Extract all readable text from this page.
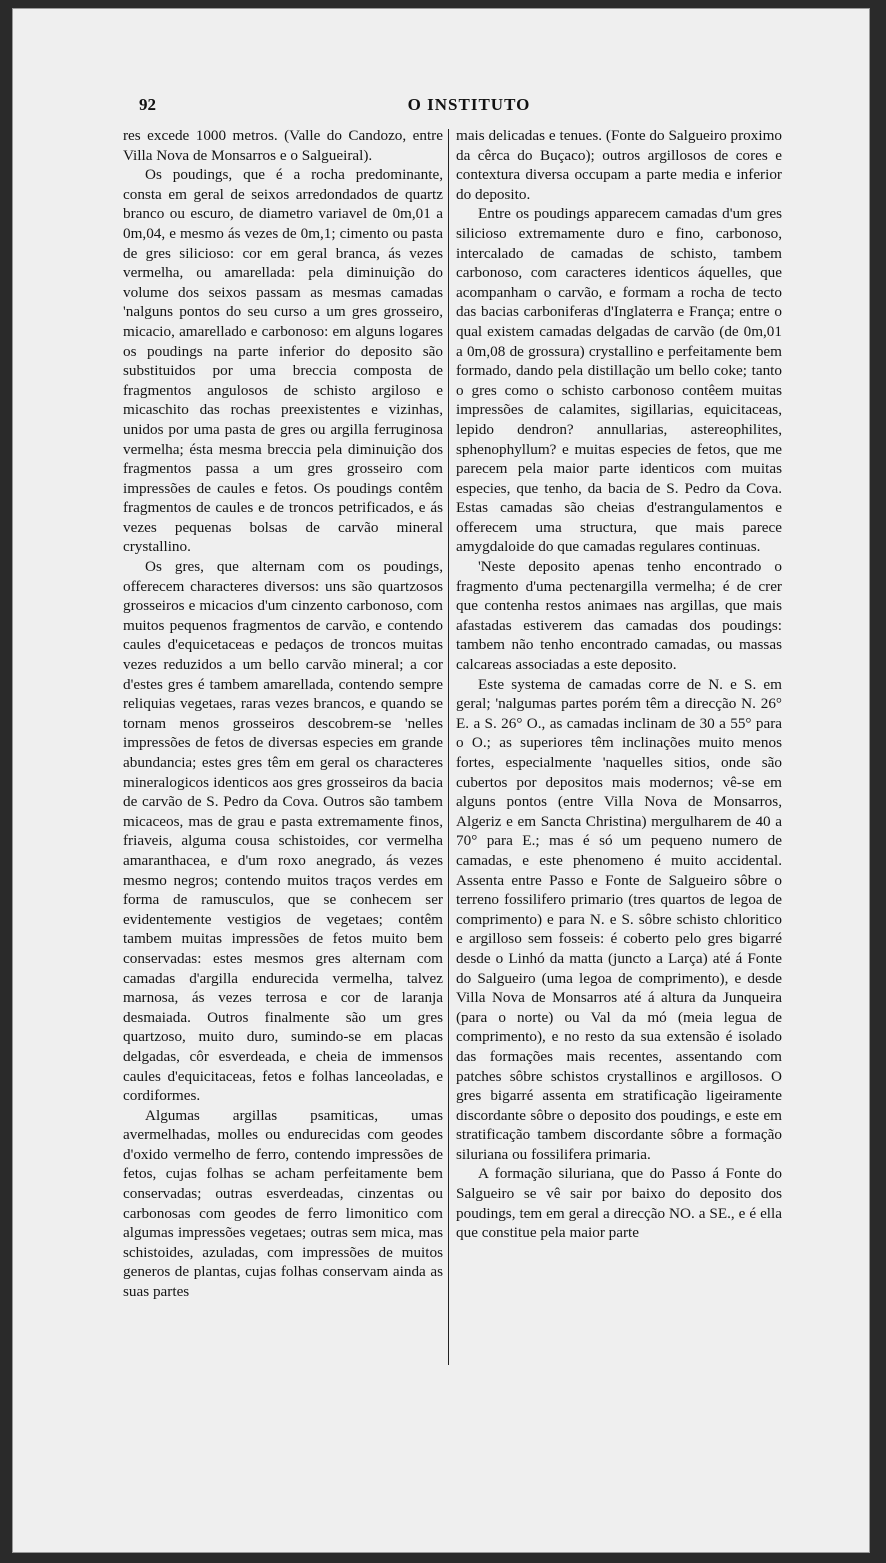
92	O INSTITUTO

res excede 1000 metros. (Valle do Candozo, entre Villa Nova de Monsarros e o Salgueiral).

Os poudings, que é a rocha predominante, consta em geral de seixos arredondados de quartz branco ou escuro, de diametro variavel de 0m,01 a 0m,04, e mesmo ás vezes de 0m,1; cimento ou pasta de gres silicioso: cor em geral branca, ás vezes vermelha, ou amarellada: pela diminuição do volume dos seixos passam as mesmas camadas 'nalguns pontos do seu curso a um gres grosseiro, micacio, amarellado e carbonoso: em alguns logares os poudings na parte inferior do deposito são substituidos por uma breccia composta de fragmentos angulosos de schisto argiloso e micaschito das rochas preexistentes e vizinhas, unidos por uma pasta de gres ou argilla ferruginosa vermelha; ésta mesma breccia pela diminuição dos fragmentos passa a um gres grosseiro com impressões de caules e fetos. Os poudings contêm fragmentos de caules e de troncos petrificados, e ás vezes pequenas bolsas de carvão mineral crystallino.

Os gres, que alternam com os poudings, offerecem characteres diversos: uns são quartzosos grosseiros e micacios d'um cinzento carbonoso, com muitos pequenos fragmentos de carvão, e contendo caules d'equicetaceas e pedaços de troncos muitas vezes reduzidos a um bello carvão mineral; a cor d'estes gres é tambem amarellada, contendo sempre reliquias vegetaes, raras vezes brancos, e quando se tornam menos grosseiros descobrem-se 'nelles impressões de fetos de diversas especies em grande abundancia; estes gres têm em geral os characteres mineralogicos identicos aos gres grosseiros da bacia de carvão de S. Pedro da Cova. Outros são tambem micaceos, mas de grau e pasta extremamente finos, friaveis, alguma cousa schistoides, cor vermelha amaranthacea, e d'um roxo anegrado, ás vezes mesmo negros; contendo muitos traços verdes em forma de ramusculos, que se conhecem ser evidentemente vestigios de vegetaes; contêm tambem muitas impressões de fetos muito bem conservadas: estes mesmos gres alternam com camadas d'argilla endurecida vermelha, talvez marnosa, ás vezes terrosa e cor de laranja desmaiada. Outros finalmente são um gres quartzoso, muito duro, sumindo-se em placas delgadas, côr esverdeada, e cheia de immensos caules d'equicitaceas, fetos e folhas lanceoladas, e cordiformes.

Algumas argillas psamiticas, umas avermelhadas, molles ou endurecidas com geodes d'oxido vermelho de ferro, contendo impressões de fetos, cujas folhas se acham perfeitamente bem conservadas; outras esverdeadas, cinzentas ou carbonosas com geodes de ferro limonitico com algumas impressões vegetaes; outras sem mica, mas schistoides, azuladas, com impressões de muitos generos de plantas, cujas folhas conservam ainda as suas partes

mais delicadas e tenues. (Fonte do Salgueiro proximo da cêrca do Buçaco); outros argillosos de cores e contextura diversa occupam a parte media e inferior do deposito.

Entre os poudings apparecem camadas d'um gres silicioso extremamente duro e fino, carbonoso, intercalado de camadas de schisto, tambem carbonoso, com caracteres identicos áquelles, que acompanham o carvão, e formam a rocha de tecto das bacias carboniferas d'Inglaterra e França; entre o qual existem camadas delgadas de carvão (de 0m,01 a 0m,08 de grossura) crystallino e perfeitamente bem formado, dando pela distillação um bello coke; tanto o gres como o schisto carbonoso contêem muitas impressões de calamites, sigillarias, equicitaceas, lepido dendron? annullarias, astereophilites, sphenophyllum? e muitas especies de fetos, que me parecem pela maior parte identicos com muitas especies, que tenho, da bacia de S. Pedro da Cova. Estas camadas são cheias d'estrangulamentos e offerecem uma structura, que mais parece amygdaloide do que camadas regulares continuas.

'Neste deposito apenas tenho encontrado o fragmento d'uma pectenargilla vermelha; é de crer que contenha restos animaes nas argillas, que mais afastadas estiverem das camadas dos poudings: tambem não tenho encontrado camadas, ou massas calcareas associadas a este deposito.

Este systema de camadas corre de N. e S. em geral; 'nalgumas partes porém têm a direcção N. 26° E. a S. 26° O., as camadas inclinam de 30 a 55° para o O.; as superiores têm inclinações muito menos fortes, especialmente 'naquelles sitios, onde são cubertos por depositos mais modernos; vê-se em alguns pontos (entre Villa Nova de Monsarros, Algeriz e em Sancta Christina) mergulharem de 40 a 70° para E.; mas é só um pequeno numero de camadas, e este phenomeno é muito accidental. Assenta entre Passo e Fonte de Salgueiro sôbre o terreno fossilifero primario (tres quartos de legoa de comprimento) e para N. e S. sôbre schisto chloritico e argilloso sem fosseis: é coberto pelo gres bigarré desde o Linhó da matta (juncto a Larça) até á Fonte do Salgueiro (uma legoa de comprimento), e desde Villa Nova de Monsarros até á altura da Junqueira (para o norte) ou Val da mó (meia legua de comprimento), e no resto da sua extensão é isolado das formações mais recentes, assentando com patches sôbre schistos crystallinos e argillosos. O gres bigarré assenta em stratificação ligeiramente discordante sôbre o deposito dos poudings, e este em stratificação tambem discordante sôbre a formação siluriana ou fossilifera primaria.

A formação siluriana, que do Passo á Fonte do Salgueiro se vê sair por baixo do deposito dos poudings, tem em geral a direcção NO. a SE., e é ella que constitue pela maior parte
